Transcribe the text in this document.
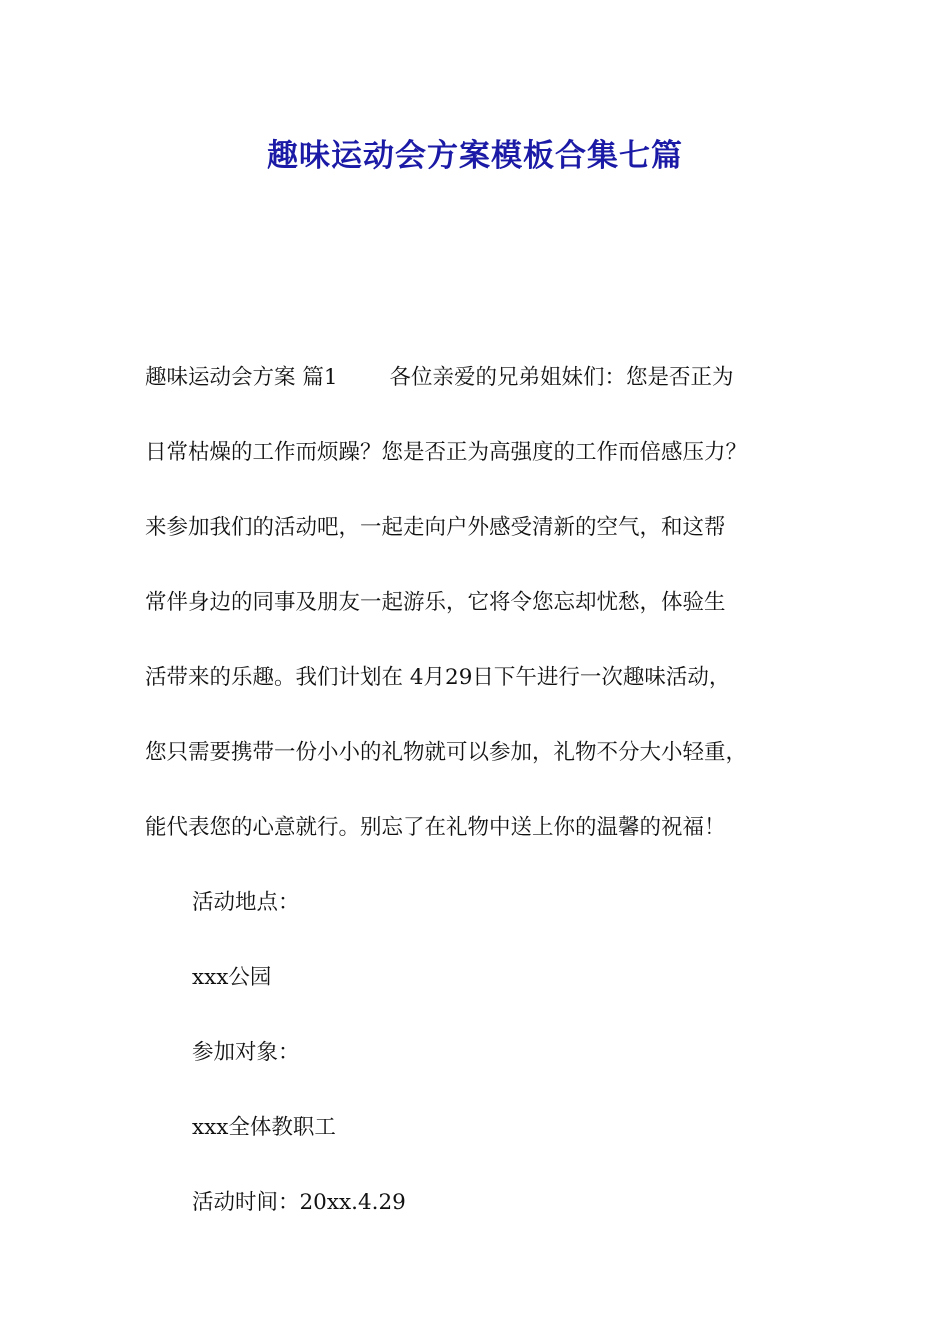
趣味运动会方案模板合集七篇
趣味运动会方案 篇1 各位亲爱的兄弟姐妹们：您是否正为
日常枯燥的工作而烦躁？您是否正为高强度的工作而倍感压力？
来参加我们的活动吧，一起走向户外感受清新的空气，和这帮
常伴身边的同事及朋友一起游乐，它将令您忘却忧愁，体验生
活带来的乐趣。我们计划在 4月29日下午进行一次趣味活动，
您只需要携带一份小小的礼物就可以参加，礼物不分大小轻重，
能代表您的心意就行。别忘了在礼物中送上你的温馨的祝福！
活动地点：
xxx公园
参加对象：
xxx全体教职工
活动时间：20xx.4.29
